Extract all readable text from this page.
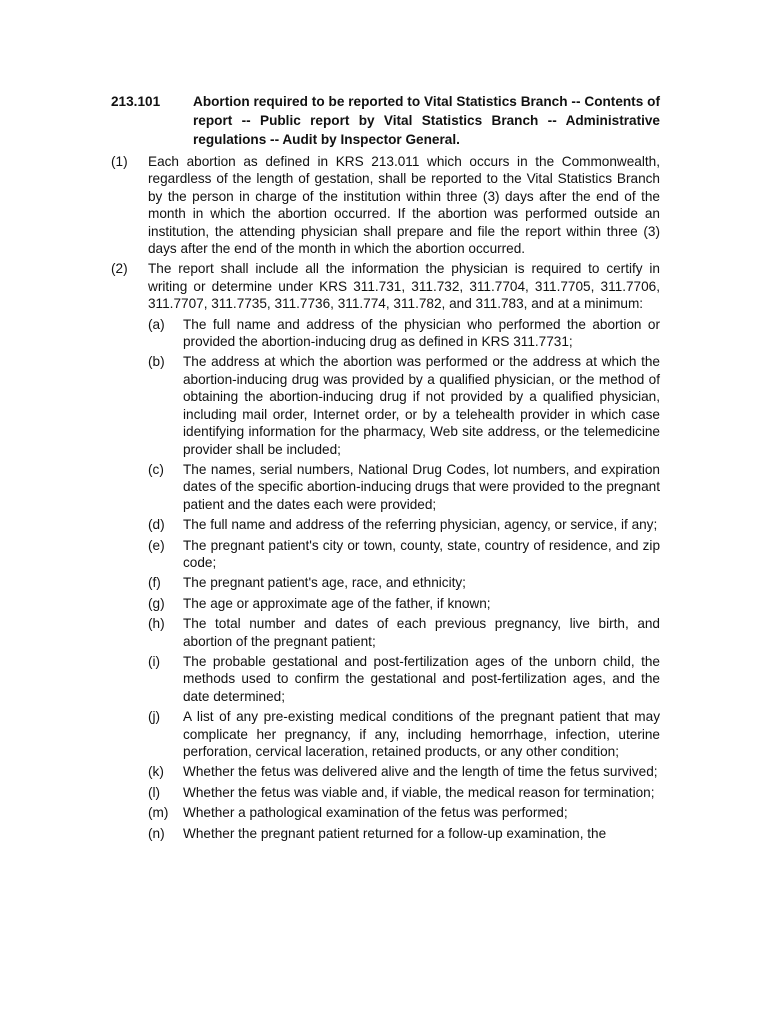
213.101	Abortion required to be reported to Vital Statistics Branch -- Contents of report -- Public report by Vital Statistics Branch -- Administrative regulations -- Audit by Inspector General.
(1)	Each abortion as defined in KRS 213.011 which occurs in the Commonwealth, regardless of the length of gestation, shall be reported to the Vital Statistics Branch by the person in charge of the institution within three (3) days after the end of the month in which the abortion occurred. If the abortion was performed outside an institution, the attending physician shall prepare and file the report within three (3) days after the end of the month in which the abortion occurred.
(2)	The report shall include all the information the physician is required to certify in writing or determine under KRS 311.731, 311.732, 311.7704, 311.7705, 311.7706, 311.7707, 311.7735, 311.7736, 311.774, 311.782, and 311.783, and at a minimum:
(a)	The full name and address of the physician who performed the abortion or provided the abortion-inducing drug as defined in KRS 311.7731;
(b)	The address at which the abortion was performed or the address at which the abortion-inducing drug was provided by a qualified physician, or the method of obtaining the abortion-inducing drug if not provided by a qualified physician, including mail order, Internet order, or by a telehealth provider in which case identifying information for the pharmacy, Web site address, or the telemedicine provider shall be included;
(c)	The names, serial numbers, National Drug Codes, lot numbers, and expiration dates of the specific abortion-inducing drugs that were provided to the pregnant patient and the dates each were provided;
(d)	The full name and address of the referring physician, agency, or service, if any;
(e)	The pregnant patient's city or town, county, state, country of residence, and zip code;
(f)	The pregnant patient's age, race, and ethnicity;
(g)	The age or approximate age of the father, if known;
(h)	The total number and dates of each previous pregnancy, live birth, and abortion of the pregnant patient;
(i)	The probable gestational and post-fertilization ages of the unborn child, the methods used to confirm the gestational and post-fertilization ages, and the date determined;
(j)	A list of any pre-existing medical conditions of the pregnant patient that may complicate her pregnancy, if any, including hemorrhage, infection, uterine perforation, cervical laceration, retained products, or any other condition;
(k)	Whether the fetus was delivered alive and the length of time the fetus survived;
(l)	Whether the fetus was viable and, if viable, the medical reason for termination;
(m)	Whether a pathological examination of the fetus was performed;
(n)	Whether the pregnant patient returned for a follow-up examination, the
